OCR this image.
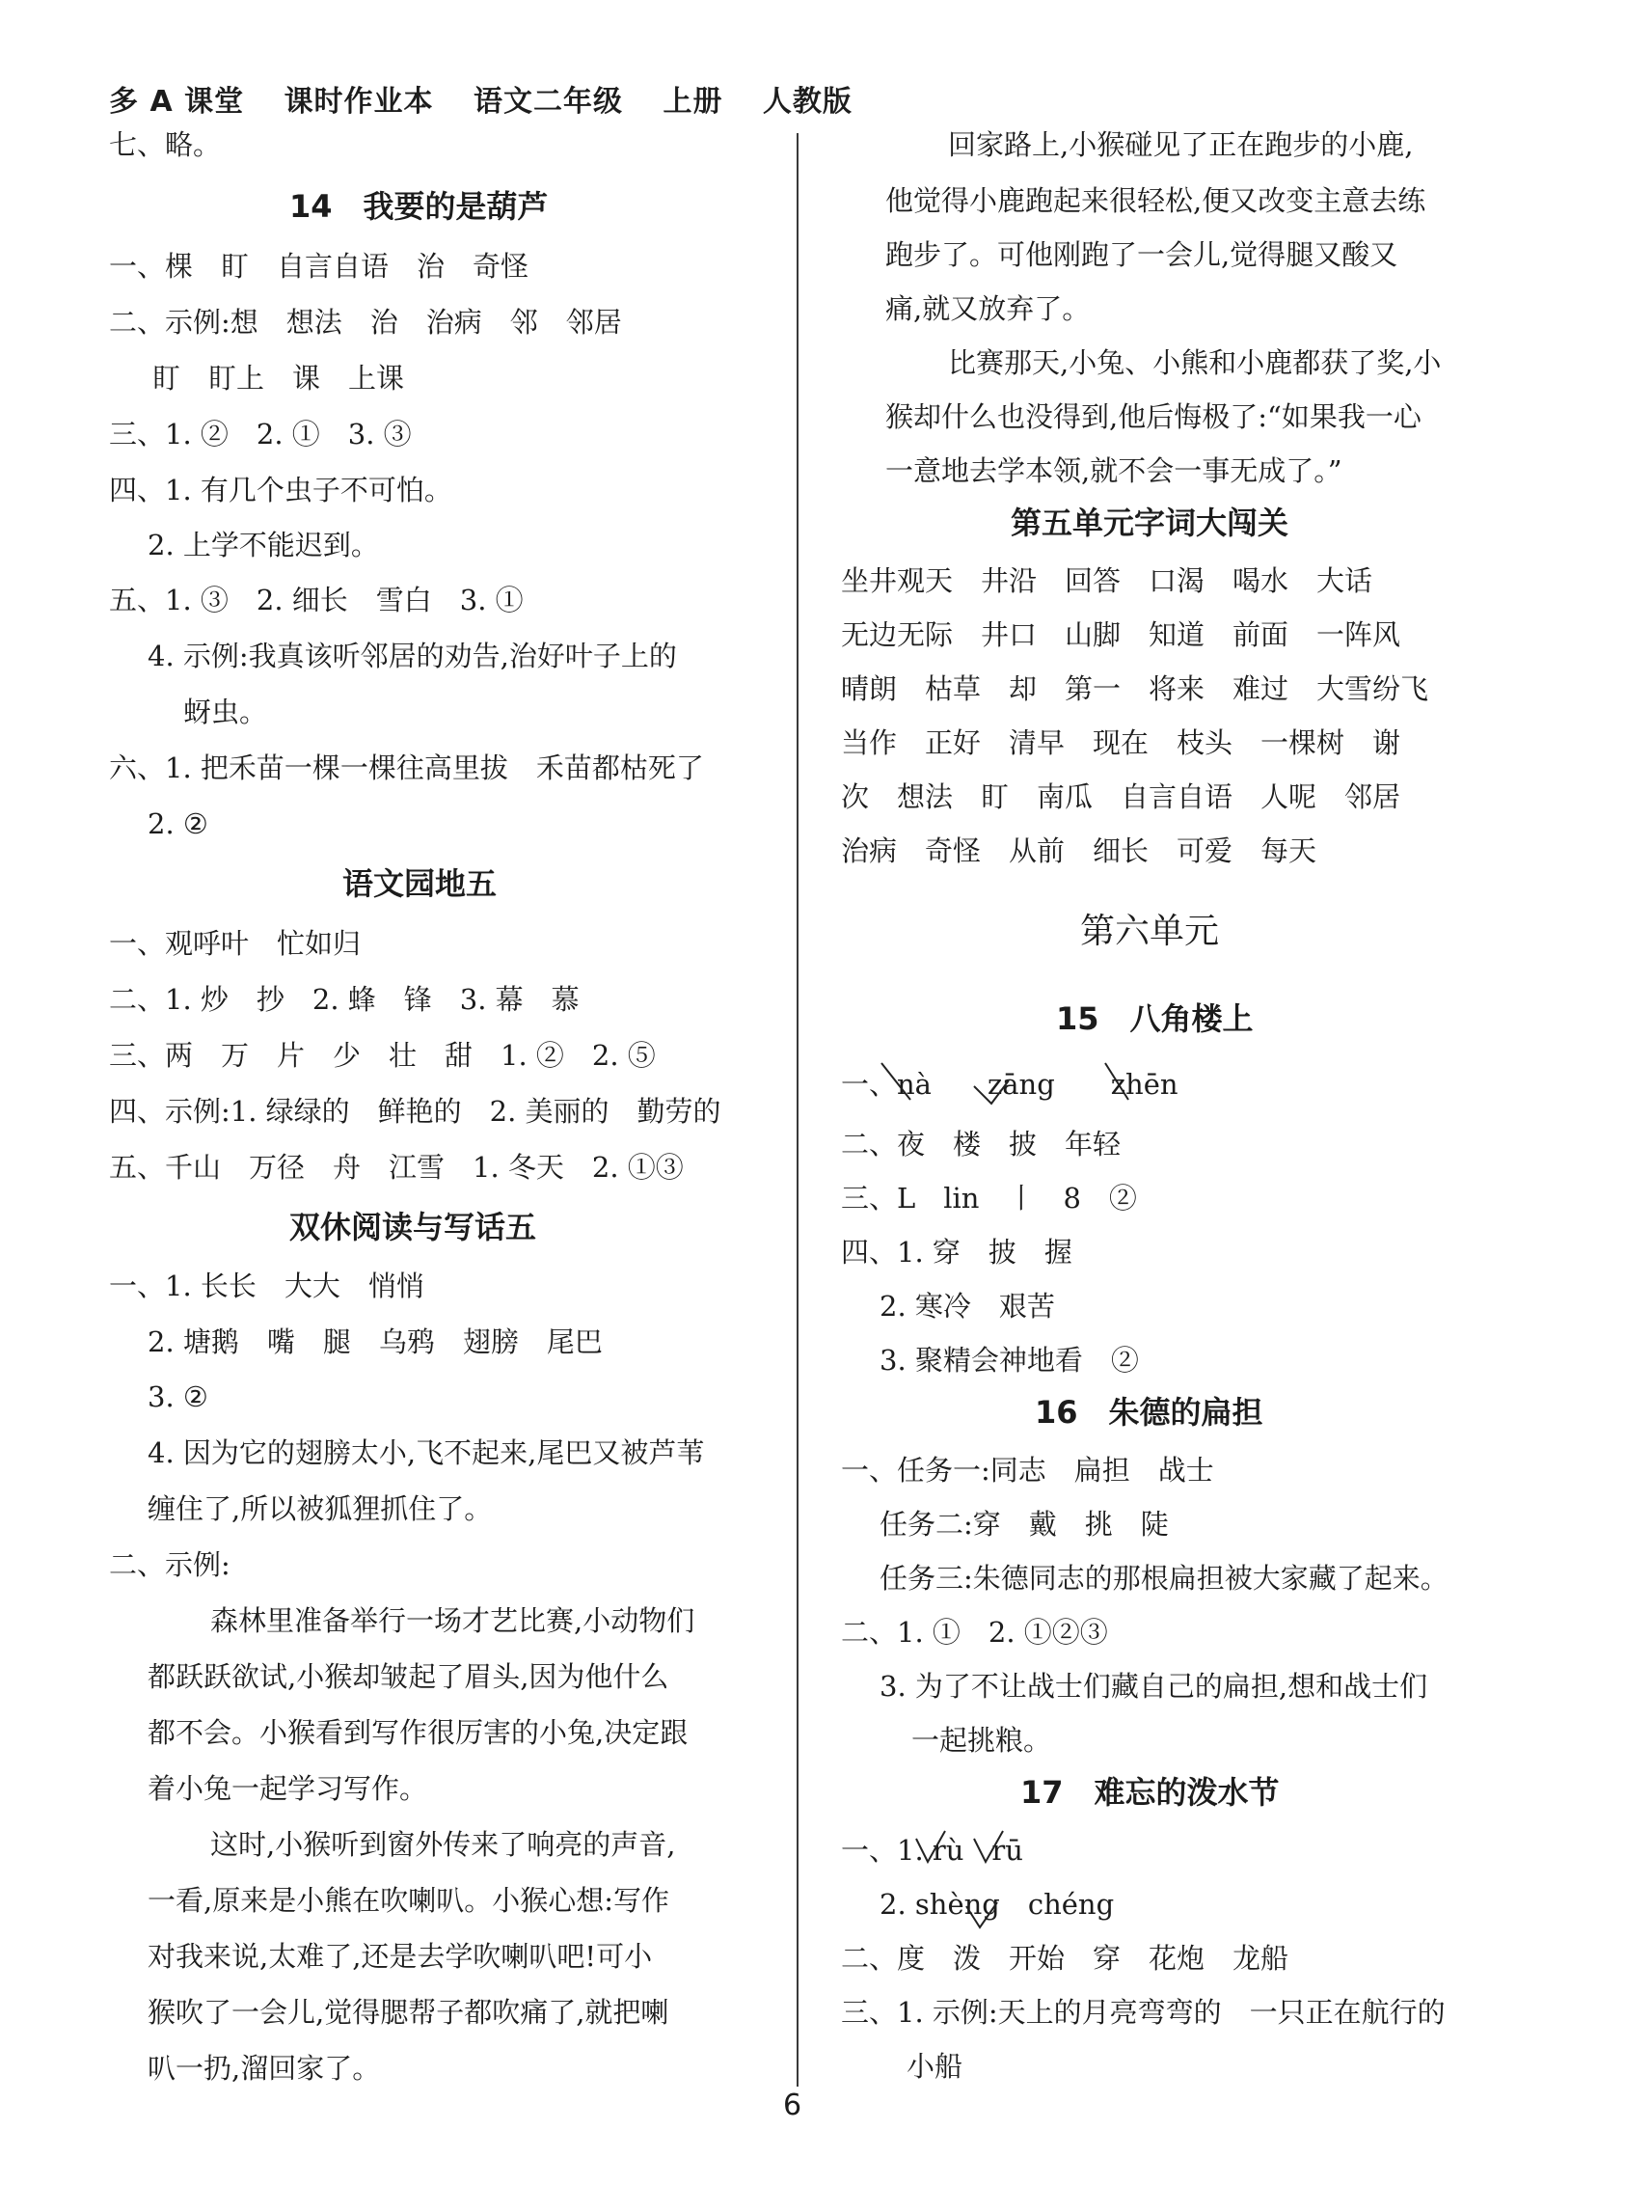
多 A 课堂 课时作业本 语文二年级 上册 人教版
七、略。
14　我要的是葫芦
一、棵　盯　自言自语　治　奇怪
二、示例:想　想法　治　治病　邻　邻居
盯　盯上　课　上课
三、1. ②　2. ①　3. ③
四、1. 有几个虫子不可怕。
2. 上学不能迟到。
五、1. ③　2. 细长　雪白　3. ①
4. 示例:我真该听邻居的劝告,治好叶子上的
蚜虫。
六、1. 把禾苗一棵一棵往高里拔　禾苗都枯死了
2. ②
语文园地五
一、观呼叶　忙如归
二、1. 炒　抄　2. 蜂　锋　3. 幕　慕
三、两　万　片　少　壮　甜　1. ②　2. ⑤
四、示例:1. 绿绿的　鲜艳的　2. 美丽的　勤劳的
五、千山　万径　舟　江雪　1. 冬天　2. ①③
双休阅读与写话五
一、1. 长长　大大　悄悄
2. 塘鹅　嘴　腿　乌鸦　翅膀　尾巴
3. ②
4. 因为它的翅膀太小,飞不起来,尾巴又被芦苇
缠住了,所以被狐狸抓住了。
二、示例:
森林里准备举行一场才艺比赛,小动物们
都跃跃欲试,小猴却皱起了眉头,因为他什么
都不会。小猴看到写作很厉害的小兔,决定跟
着小兔一起学习写作。
这时,小猴听到窗外传来了响亮的声音,
一看,原来是小熊在吹喇叭。小猴心想:写作
对我来说,太难了,还是去学吹喇叭吧!可小
猴吹了一会儿,觉得腮帮子都吹痛了,就把喇
叭一扔,溜回家了。
回家路上,小猴碰见了正在跑步的小鹿,
他觉得小鹿跑起来很轻松,便又改变主意去练
跑步了。可他刚跑了一会儿,觉得腿又酸又
痛,就又放弃了。
比赛那天,小兔、小熊和小鹿都获了奖,小
猴却什么也没得到,他后悔极了:“如果我一心
一意地去学本领,就不会一事无成了。”
第五单元字词大闯关
坐井观天　井沿　回答　口渴　喝水　大话
无边无际　井口　山脚　知道　前面　一阵风
晴朗　枯草　却　第一　将来　难过　大雪纷飞
当作　正好　清早　现在　枝头　一棵树　谢
次　想法　盯　南瓜　自言自语　人呢　邻居
治病　奇怪　从前　细长　可爱　每天
第六单元
15　八角楼上
一、nà　　zāng　　zhēn
二、夜　楼　披　年轻
三、L　lin　丨　8　②
四、1. 穿　披　握
2. 寒冷　艰苦
3. 聚精会神地看　②
16　朱德的扁担
一、任务一:同志　扁担　战士
任务二:穿　戴　挑　陡
任务三:朱德同志的那根扁担被大家藏了起来。
二、1. ①　2. ①②③
3. 为了不让战士们藏自己的扁担,想和战士们
一起挑粮。
17　难忘的泼水节
一、1. rù　rū
2. shèng　chéng
二、度　泼　开始　穿　花炮　龙船
三、1. 示例:天上的月亮弯弯的　一只正在航行的
小船
6
